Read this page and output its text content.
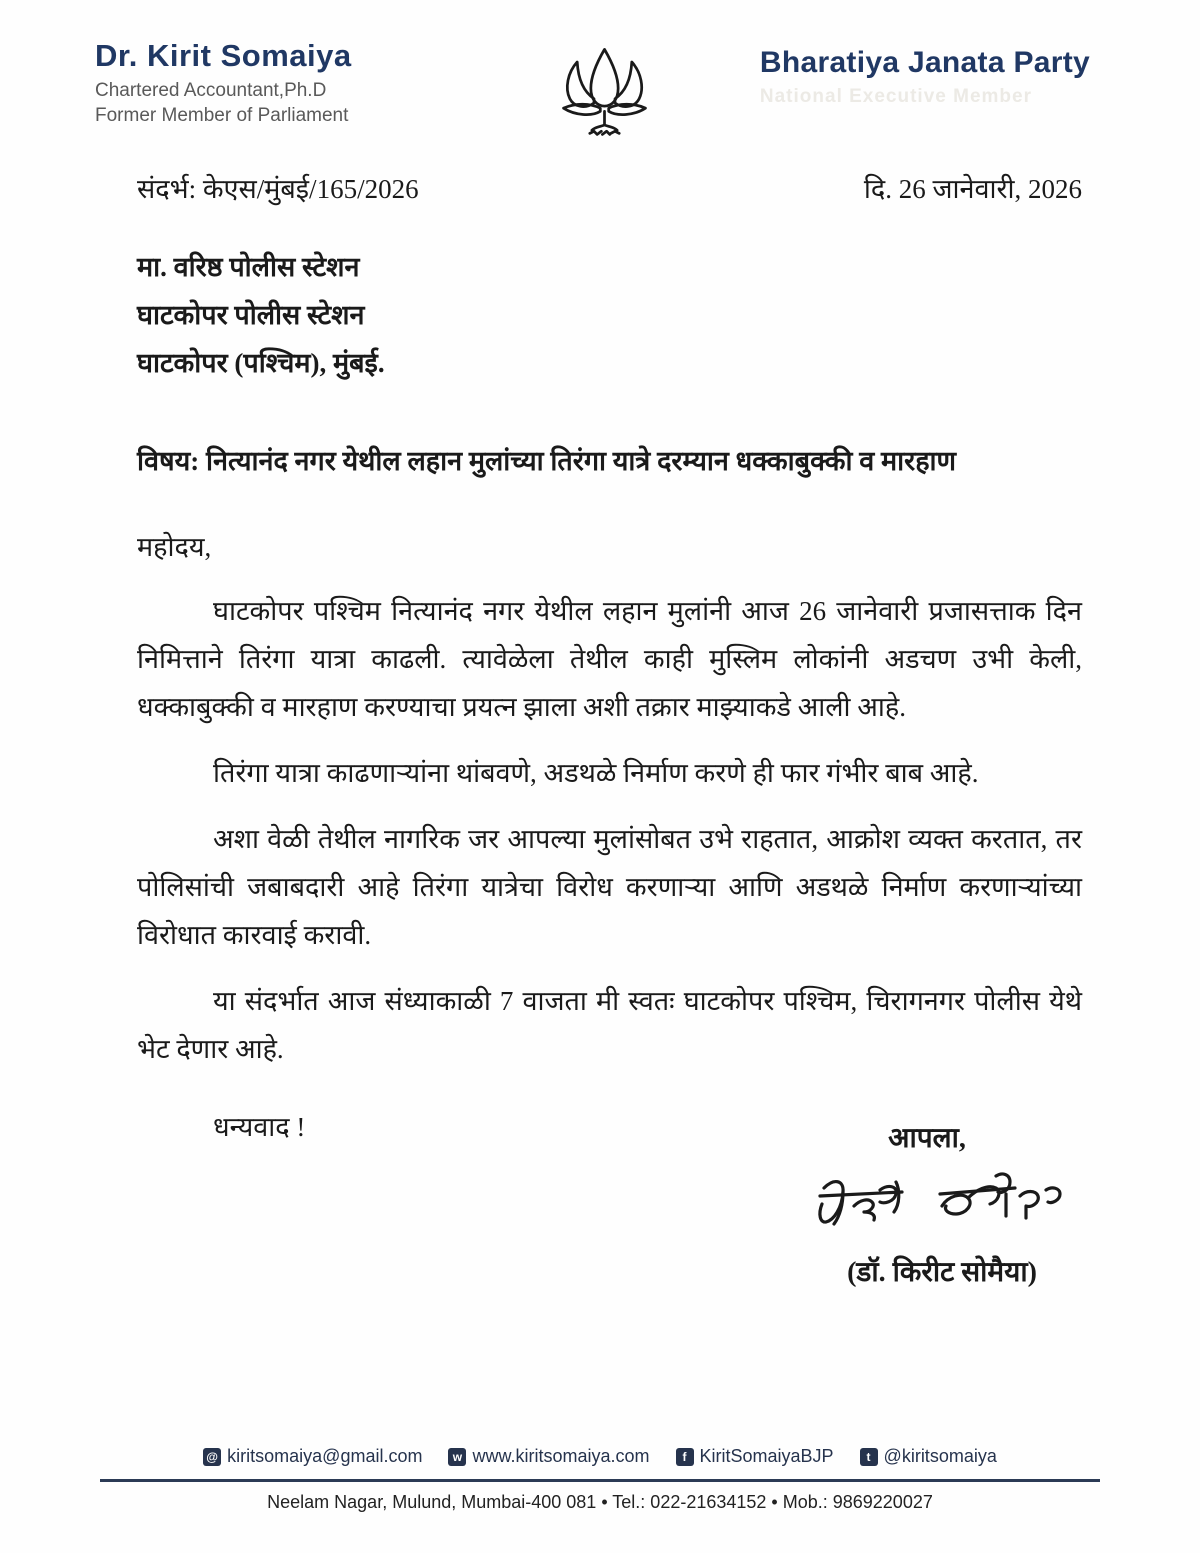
Dr. Kirit Somaiya
Chartered Accountant,Ph.D
Former Member of Parliament
Bharatiya Janata Party
National Executive Member
संदर्भ: केएस/मुंबई/165/2026	दि. 26 जानेवारी, 2026
मा. वरिष्ठ पोलीस स्टेशन
घाटकोपर पोलीस स्टेशन
घाटकोपर (पश्चिम), मुंबई.
विषय: नित्यानंद नगर येथील लहान मुलांच्या तिरंगा यात्रे दरम्यान धक्काबुक्की व मारहाण
महोदय,

घाटकोपर पश्चिम नित्यानंद नगर येथील लहान मुलांनी आज 26 जानेवारी प्रजासत्ताक दिन निमित्ताने तिरंगा यात्रा काढली. त्यावेळेला तेथील काही मुस्लिम लोकांनी अडचण उभी केली, धक्काबुक्की व मारहाण करण्याचा प्रयत्न झाला अशी तक्रार माझ्याकडे आली आहे.

तिरंगा यात्रा काढणाऱ्यांना थांबवणे, अडथळे निर्माण करणे ही फार गंभीर बाब आहे.

अशा वेळी तेथील नागरिक जर आपल्या मुलांसोबत उभे राहतात, आक्रोश व्यक्त करतात, तर पोलिसांची जबाबदारी आहे तिरंगा यात्रेचा विरोध करणाऱ्या आणि अडथळे निर्माण करणाऱ्यांच्या विरोधात कारवाई करावी.

या संदर्भात आज संध्याकाळी 7 वाजता मी स्वतः घाटकोपर पश्चिम, चिरागनगर पोलीस येथे भेट देणार आहे.

धन्यवाद !	आपला,
(डॉ. किरीट सोमैया)
@ kiritsomaiya@gmail.com	w www.kiritsomaiya.com	f KiritSomaiyaBJP	t @kiritsomaiya
Neelam Nagar, Mulund, Mumbai-400 081 • Tel.: 022-21634152 • Mob.: 9869220027
